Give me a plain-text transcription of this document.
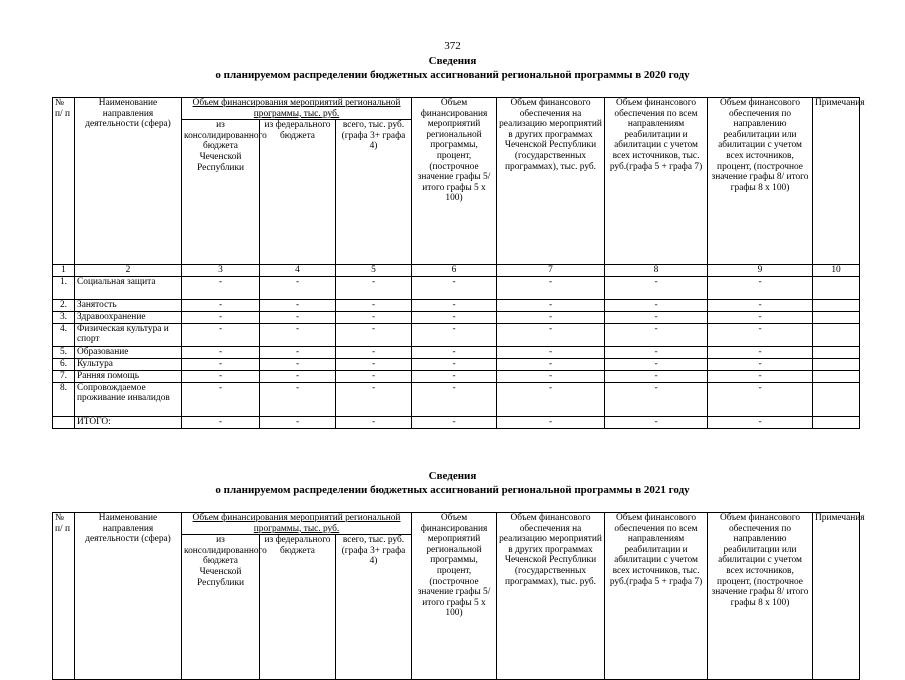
372
Сведения
о планируемом распределении бюджетных ассигнований региональной программы в 2020 году
№ п/ п	Наименование направления деятельности (сфера)	Объем финансирования мероприятий региональной программы, тыс. руб.			Объем финансирования мероприятий региональной программы, процент, (построчное значение графы 5/ итого графы 5 х 100)	Объем финансового обеспечения на реализацию мероприятий в других программах Чеченской Республики (государственных программах), тыс. руб.	Объем финансового обеспечения по всем направлениям реабилитации и абилитации с учетом всех источников, тыс. руб.(графа 5 + графа 7)	Объем финансового обеспечения по направлению реабилитации или абилитации с учетом всех источников, процент, (построчное значение графы 8/ итого графы 8 х 100)	Примечания
		из консолидированного бюджета Чеченской Республики	из федерального бюджета	всего, тыс. руб. (графа 3+ графа 4)					
1	2	3	4	5	6	7	8	9	10
1.	Социальная защита	-	-	-	-	-	-	-	
2.	Занятость	-	-	-	-	-	-	-	
3.	Здравоохранение	-	-	-	-	-	-	-	
4.	Физическая культура и спорт	-	-	-	-	-	-	-	
5.	Образование	-	-	-	-	-	-	-	
6.	Культура	-	-	-	-	-	-	-	
7.	Ранняя помощь	-	-	-	-	-	-	-	
8.	Сопровождаемое проживание инвалидов	-	-	-	-	-	-	-	
	ИТОГО:	-	-	-	-	-	-	-	
Сведения
о планируемом распределении бюджетных ассигнований региональной программы в 2021 году
№ п/ п	Наименование направления деятельности (сфера)	Объем финансирования мероприятий региональной программы, тыс. руб.			Объем финансирования мероприятий региональной программы, процент, (построчное значение графы 5/ итого графы 5 х 100)	Объем финансового обеспечения на реализацию мероприятий в других программах Чеченской Республики (государственных программах), тыс. руб.	Объем финансового обеспечения по всем направлениям реабилитации и абилитации с учетом всех источников, тыс. руб.(графа 5 + графа 7)	Объем финансового обеспечения по направлению реабилитации или абилитации с учетом всех источников, процент, (построчное значение графы 8/ итого графы 8 х 100)	Примечания
		из консолидированного бюджета Чеченской Республики	из федерального бюджета	всего, тыс. руб. (графа 3+ графа 4)					
